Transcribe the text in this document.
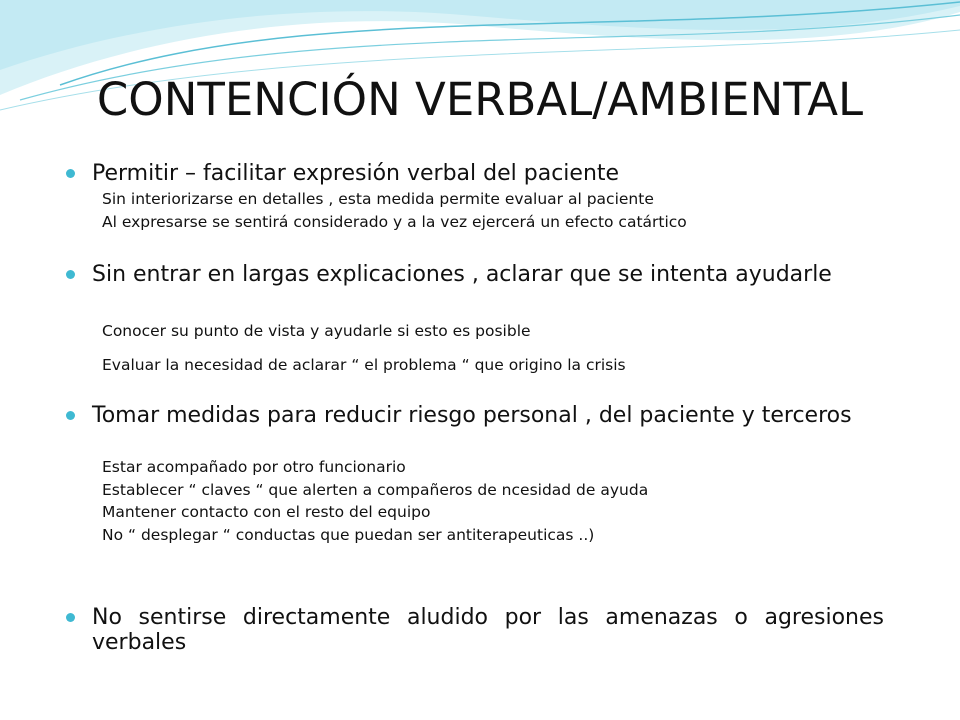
CONTENCIÓN VERBAL/AMBIENTAL
Permitir – facilitar expresión verbal del paciente
Sin interiorizarse en detalles , esta medida permite evaluar al paciente
Al expresarse se sentirá considerado y a la vez ejercerá un efecto catártico
Sin entrar en largas explicaciones , aclarar que se intenta ayudarle
Conocer su punto de vista y ayudarle si esto es posible
Evaluar la necesidad de aclarar “ el problema “ que origino la crisis
Tomar medidas para reducir riesgo personal , del paciente y terceros
Estar acompañado por otro funcionario
Establecer “ claves “ que alerten a compañeros de ncesidad de ayuda
Mantener contacto con el resto del equipo
No “ desplegar “ conductas que puedan ser antiterapeuticas ..)
No sentirse directamente aludido por las amenazas o agresiones verbales
